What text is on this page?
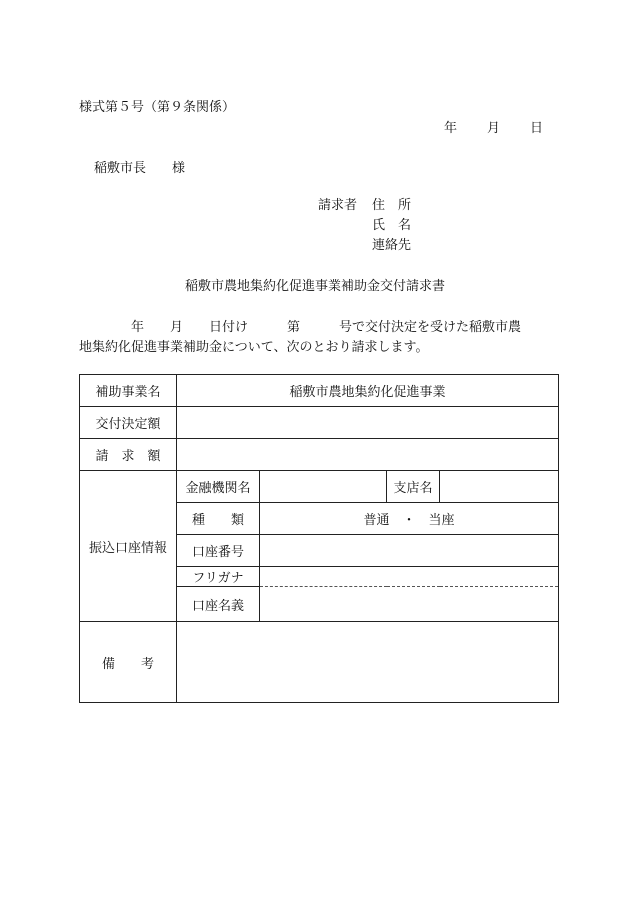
様式第５号（第９条関係）
年 月 日
稲敷市長　　様
請求者	住　所
氏　名
連絡先
稲敷市農地集約化促進事業補助金交付請求書
　　　　年　　月　　日付け　　　第　　　号で交付決定を受けた稲敷市農
地集約化促進事業補助金について、次のとおり請求します。
補助事業名	稲敷市農地集約化促進事業			
交付決定額				
請　求　額				
振込口座情報	金融機関名		支店名	
	種　　類	普通　・　当座		
	口座番号			
	フリガナ			
	口座名義			
備　　考				
